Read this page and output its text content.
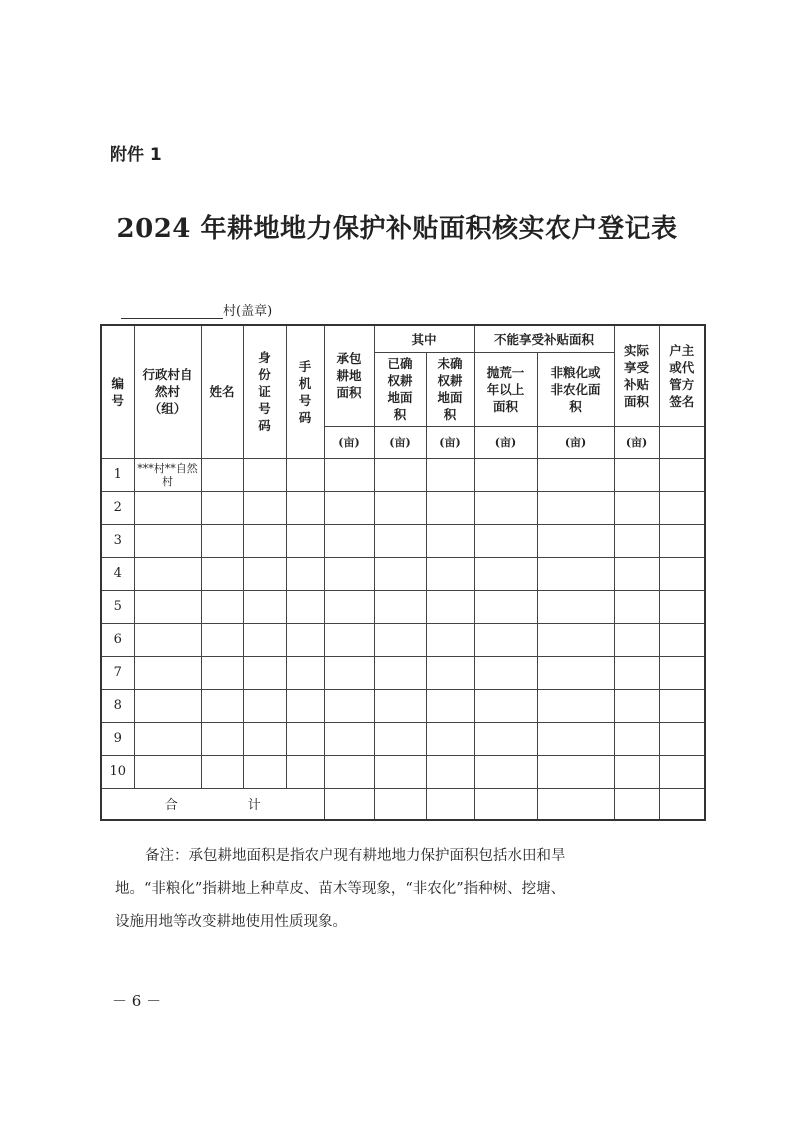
附件 1
2024 年耕地地力保护补贴面积核实农户登记表
村(盖章)
编号	行政村自然村（组）	姓名	身份证号码	手机号码	承包耕地面积	其中		不能享受补贴面积		实际享受补贴面积	户主或代管方签名
						已确权耕地面积	未确权耕地面积	抛荒一年以上面积	非粮化或非农化面积		
					(亩)	(亩)	(亩)	(亩)	(亩)	(亩)	
1	***村**自然村										
2											
3											
4											
5											
6											
7											
8											
9											
10											
合 计											

备注：承包耕地面积是指农户现有耕地地力保护面积包括水田和旱

地。“非粮化”指耕地上种草皮、苗木等现象，“非农化”指种树、挖塘、

设施用地等改变耕地使用性质现象。

－ 6 －
